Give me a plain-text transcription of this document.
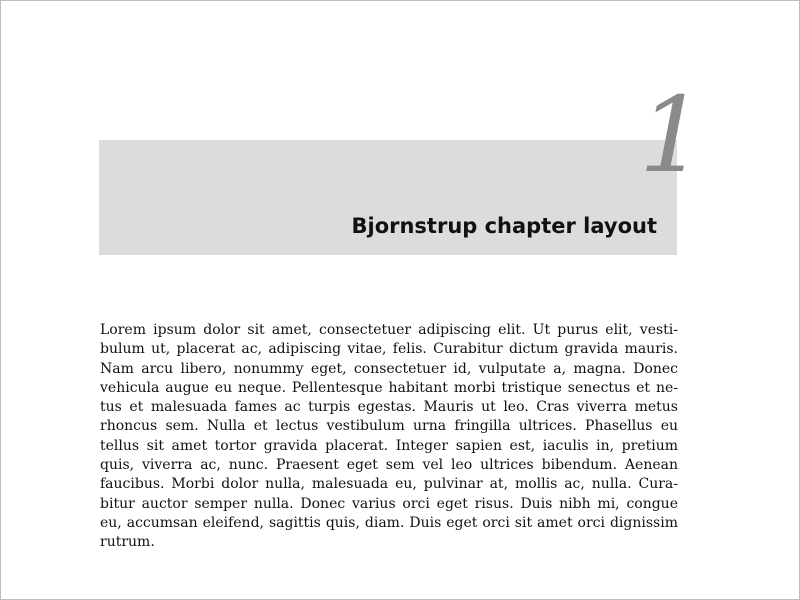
1
Bjornstrup chapter layout
Lorem ipsum dolor sit amet, consectetuer adipiscing elit. Ut purus elit, vesti-
bulum ut, placerat ac, adipiscing vitae, felis. Curabitur dictum gravida mauris.
Nam arcu libero, nonummy eget, consectetuer id, vulputate a, magna. Donec
vehicula augue eu neque. Pellentesque habitant morbi tristique senectus et ne-
tus et malesuada fames ac turpis egestas. Mauris ut leo. Cras viverra metus
rhoncus sem. Nulla et lectus vestibulum urna fringilla ultrices. Phasellus eu
tellus sit amet tortor gravida placerat. Integer sapien est, iaculis in, pretium
quis, viverra ac, nunc. Praesent eget sem vel leo ultrices bibendum. Aenean
faucibus. Morbi dolor nulla, malesuada eu, pulvinar at, mollis ac, nulla. Cura-
bitur auctor semper nulla. Donec varius orci eget risus. Duis nibh mi, congue
eu, accumsan eleifend, sagittis quis, diam. Duis eget orci sit amet orci dignissim
rutrum.
